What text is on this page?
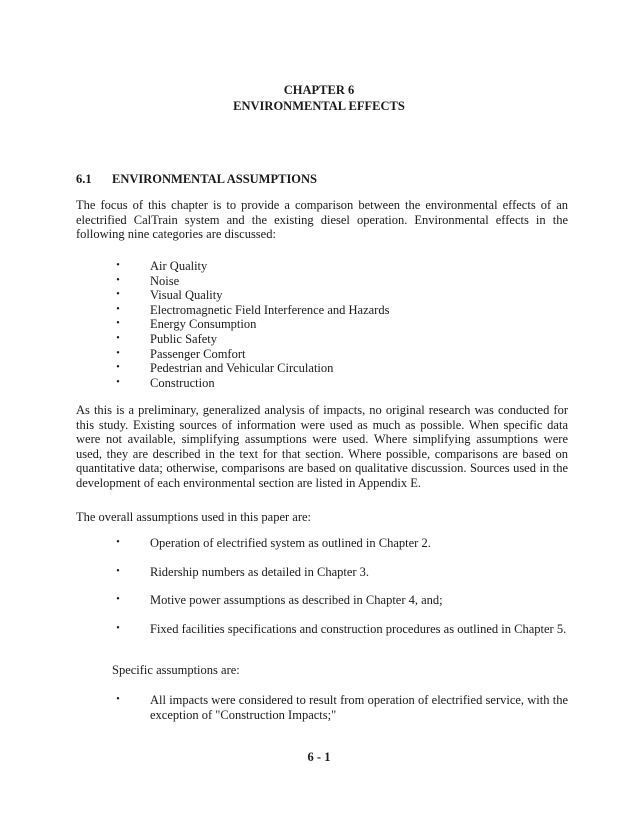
CHAPTER 6
ENVIRONMENTAL EFFECTS
6.1 ENVIRONMENTAL ASSUMPTIONS

The focus of this chapter is to provide a comparison between the environmental effects of an electrified CalTrain system and the existing diesel operation. Environmental effects in the following nine categories are discussed:

•	Air Quality
•	Noise
•	Visual Quality
•	Electromagnetic Field Interference and Hazards
•	Energy Consumption
•	Public Safety
•	Passenger Comfort
•	Pedestrian and Vehicular Circulation
•	Construction

As this is a preliminary, generalized analysis of impacts, no original research was conducted for this study. Existing sources of information were used as much as possible. When specific data were not available, simplifying assumptions were used. Where simplifying assumptions were used, they are described in the text for that section. Where possible, comparisons are based on quantitative data; otherwise, comparisons are based on qualitative discussion. Sources used in the development of each environmental section are listed in Appendix E.

The overall assumptions used in this paper are:

•	Operation of electrified system as outlined in Chapter 2.
•	Ridership numbers as detailed in Chapter 3.
•	Motive power assumptions as described in Chapter 4, and;
•	Fixed facilities specifications and construction procedures as outlined in Chapter 5.

Specific assumptions are:

•	All impacts were considered to result from operation of electrified service, with the exception of "Construction Impacts;"
6 - 1
